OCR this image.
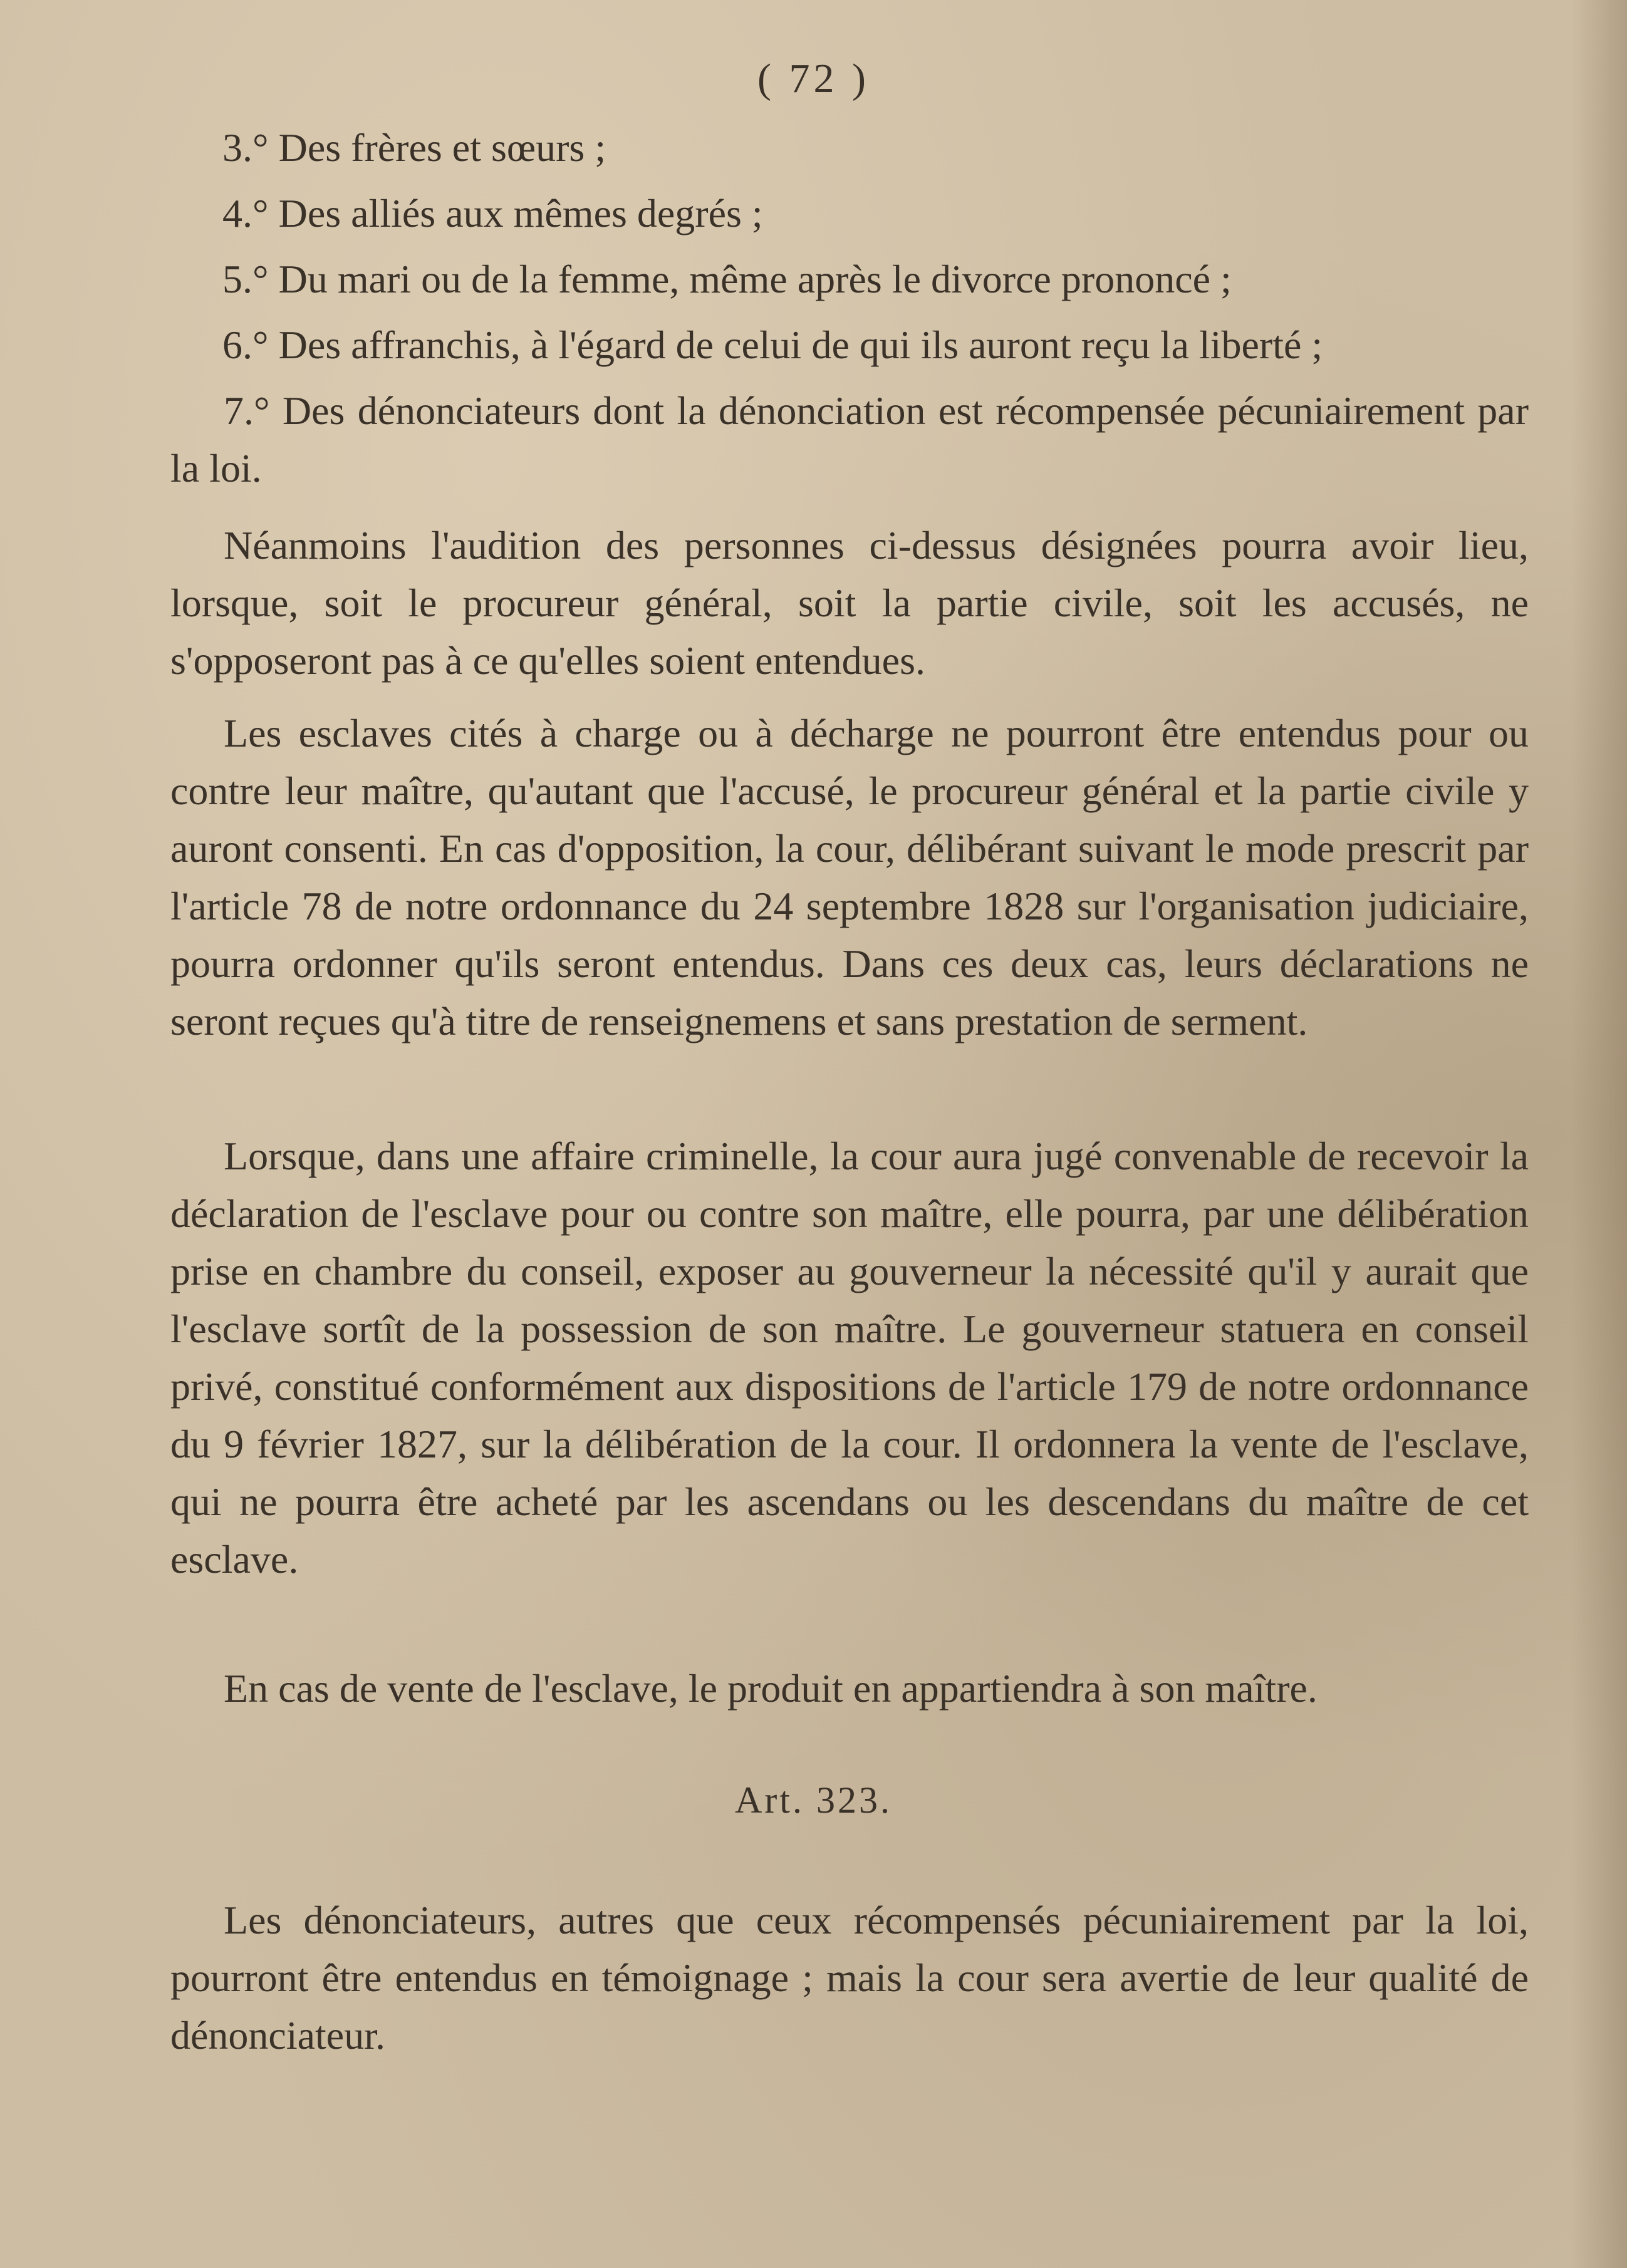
( 72 )
3.° Des frères et sœurs ;
4.° Des alliés aux mêmes degrés ;
5.° Du mari ou de la femme, même après le divorce prononcé ;
6.° Des affranchis, à l'égard de celui de qui ils auront reçu la liberté ;

7.° Des dénonciateurs dont la dénonciation est récompensée pécuniairement par la loi.

Néanmoins l'audition des personnes ci-dessus désignées pourra avoir lieu, lorsque, soit le procureur général, soit la partie civile, soit les accusés, ne s'opposeront pas à ce qu'elles soient entendues.

Les esclaves cités à charge ou à décharge ne pourront être entendus pour ou contre leur maître, qu'autant que l'accusé, le procureur général et la partie civile y auront consenti. En cas d'opposition, la cour, délibérant suivant le mode prescrit par l'article 78 de notre ordonnance du 24 septembre 1828 sur l'organisation judiciaire, pourra ordonner qu'ils seront entendus. Dans ces deux cas, leurs déclarations ne seront reçues qu'à titre de renseignemens et sans prestation de serment.

Lorsque, dans une affaire criminelle, la cour aura jugé convenable de recevoir la déclaration de l'esclave pour ou contre son maître, elle pourra, par une délibération prise en chambre du conseil, exposer au gouverneur la nécessité qu'il y aurait que l'esclave sortît de la possession de son maître. Le gouverneur statuera en conseil privé, constitué conformément aux dispositions de l'article 179 de notre ordonnance du 9 février 1827, sur la délibération de la cour. Il ordonnera la vente de l'esclave, qui ne pourra être acheté par les ascendans ou les descendans du maître de cet esclave.

En cas de vente de l'esclave, le produit en appartiendra à son maître.

Art. 323.

Les dénonciateurs, autres que ceux récompensés pécuniairement par la loi, pourront être entendus en témoignage ; mais la cour sera avertie de leur qualité de dénonciateur.
